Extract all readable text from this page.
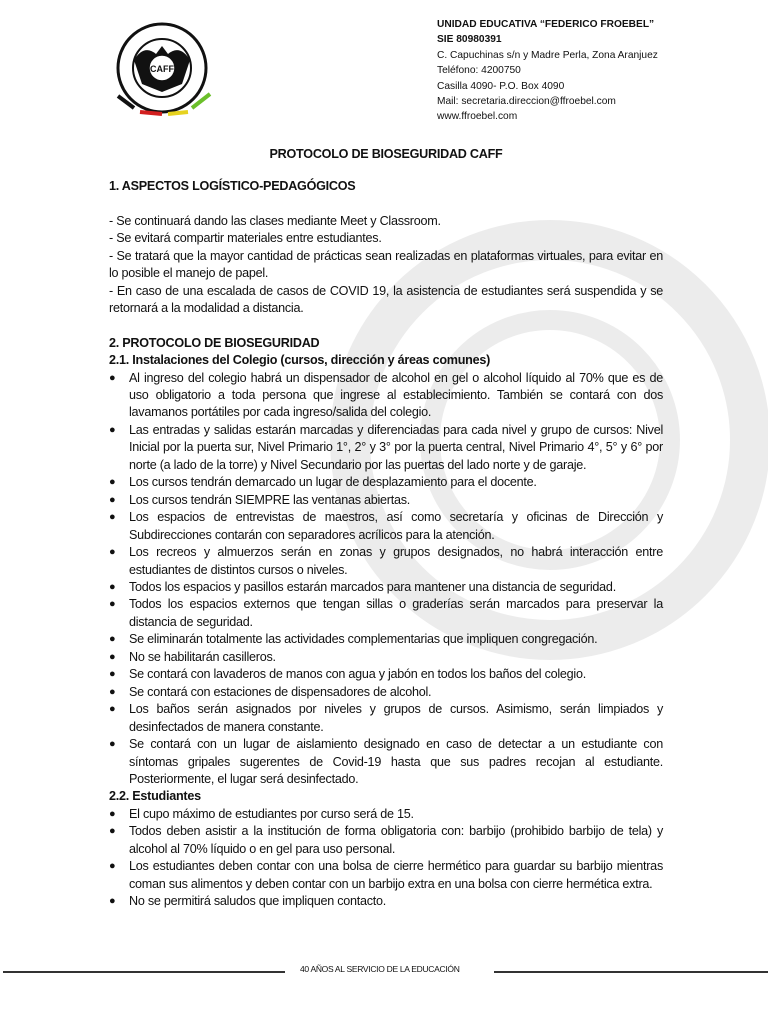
CAFF
UNIDAD EDUCATIVA “FEDERICO FROEBEL”
SIE 80980391
C. Capuchinas s/n y Madre Perla, Zona Aranjuez
Teléfono: 4200750
Casilla 4090- P.O. Box 4090
Mail: secretaria.direccion@ffroebel.com
www.ffroebel.com
PROTOCOLO DE BIOSEGURIDAD CAFF
1. ASPECTOS LOGÍSTICO-PEDAGÓGICOS

- Se continuará dando las clases mediante Meet y Classroom.

- Se evitará compartir materiales entre estudiantes.

- Se tratará que la mayor cantidad de prácticas sean realizadas en plataformas virtuales, para evitar en lo posible el manejo de papel.

- En caso de una escalada de casos de COVID 19, la asistencia de estudiantes será suspendida y se retornará a la modalidad a distancia.

2. PROTOCOLO DE BIOSEGURIDAD
2.1. Instalaciones del Colegio (cursos, dirección y áreas comunes)
● Al ingreso del colegio habrá un dispensador de alcohol en gel o alcohol líquido al 70% que es de uso obligatorio a toda persona que ingrese al establecimiento. También se contará con dos lavamanos portátiles por cada ingreso/salida del colegio.
● Las entradas y salidas estarán marcadas y diferenciadas para cada nivel y grupo de cursos: Nivel Inicial por la puerta sur, Nivel Primario 1°, 2° y 3° por la puerta central, Nivel Primario 4°, 5° y 6° por norte (a lado de la torre) y Nivel Secundario por las puertas del lado norte y de garaje.
● Los cursos tendrán demarcado un lugar de desplazamiento para el docente.
● Los cursos tendrán SIEMPRE las ventanas abiertas.
● Los espacios de entrevistas de maestros, así como secretaría y oficinas de Dirección y Subdirecciones contarán con separadores acrílicos para la atención.
● Los recreos y almuerzos serán en zonas y grupos designados, no habrá interacción entre estudiantes de distintos cursos o niveles.
● Todos los espacios y pasillos estarán marcados para mantener una distancia de seguridad.
● Todos los espacios externos que tengan sillas o graderías serán marcados para preservar la distancia de seguridad.
● Se eliminarán totalmente las actividades complementarias que impliquen congregación.
● No se habilitarán casilleros.
● Se contará con lavaderos de manos con agua y jabón en todos los baños del colegio.
● Se contará con estaciones de dispensadores de alcohol.
● Los baños serán asignados por niveles y grupos de cursos. Asimismo, serán limpiados y desinfectados de manera constante.
● Se contará con un lugar de aislamiento designado en caso de detectar a un estudiante con síntomas gripales sugerentes de Covid-19 hasta que sus padres recojan al estudiante. Posteriormente, el lugar será desinfectado.
2.2. Estudiantes
● El cupo máximo de estudiantes por curso será de 15.
● Todos deben asistir a la institución de forma obligatoria con: barbijo (prohibido barbijo de tela) y alcohol al 70% líquido o en gel para uso personal.
● Los estudiantes deben contar con una bolsa de cierre hermético para guardar su barbijo mientras coman sus alimentos y deben contar con un barbijo extra en una bolsa con cierre hermética extra.
● No se permitirá saludos que impliquen contacto.
40 AÑOS AL SERVICIO DE LA EDUCACIÓN
